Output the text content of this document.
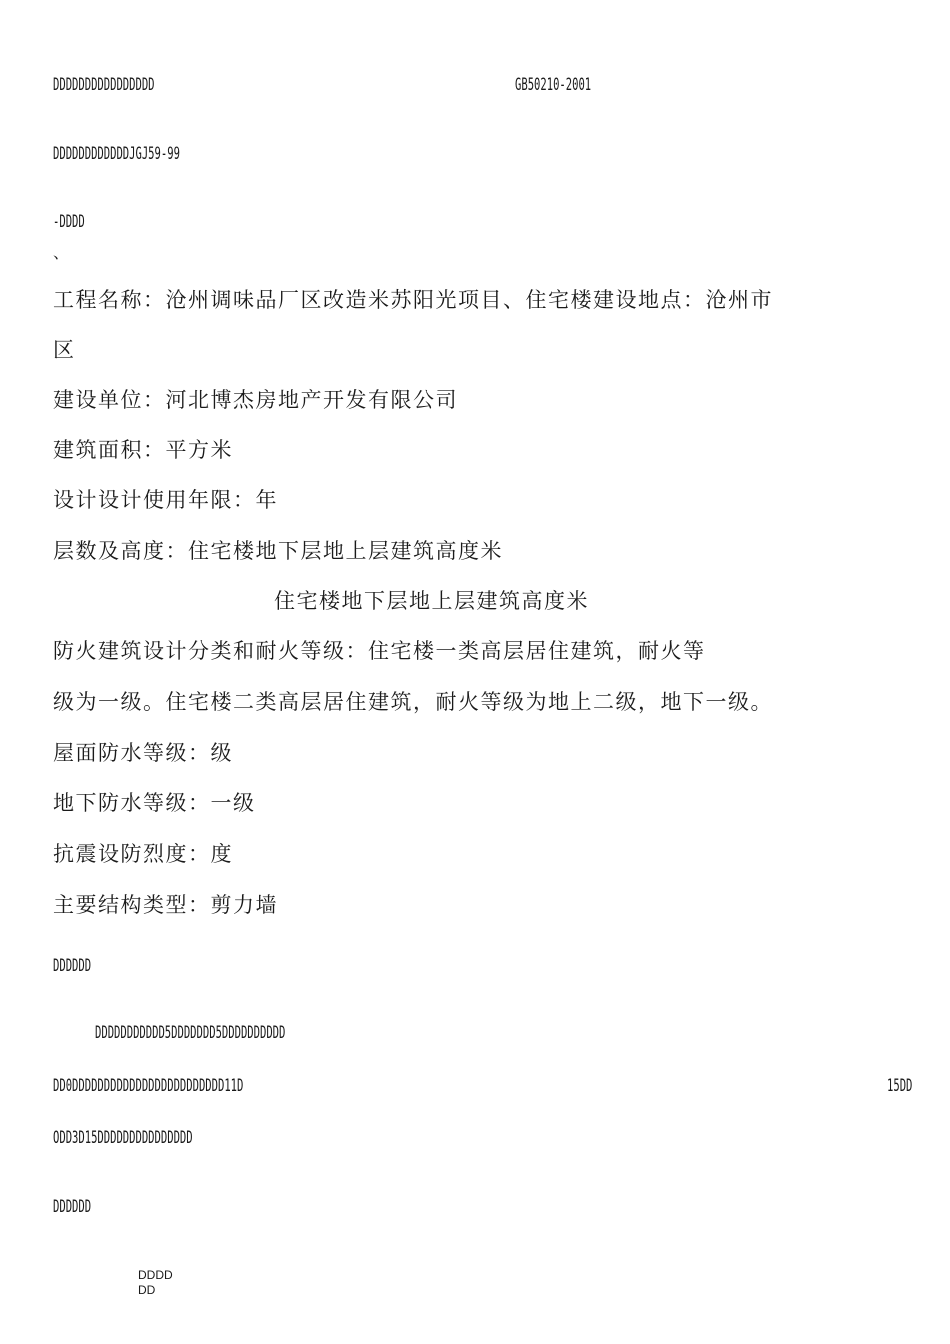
DDDDDDDDDDDDDDDD	GB50210-2001
DDDDDDDDDDDDJGJ59-99
-DDDD
、
工程名称：沧州调味品厂区改造米苏阳光项目、住宅楼建设地点：沧州市
区
建设单位：河北博杰房地产开发有限公司
建筑面积：平方米
设计设计使用年限：年
层数及高度：住宅楼地下层地上层建筑高度米
住宅楼地下层地上层建筑高度米
防火建筑设计分类和耐火等级：住宅楼一类高层居住建筑，耐火等
级为一级。住宅楼二类高层居住建筑，耐火等级为地上二级，地下一级。
屋面防水等级：级
地下防水等级：一级
抗震设防烈度：度
主要结构类型：剪力墙
DDDDDD
DDDDDDDDDDD5DDDDDDD5DDDDDDDDDD
DD0DDDDDDDDDDDDDDDDDDDDDDDD11D	15DD
ODD3D15DDDDDDDDDDDDDDD
DDDDDD
DDDD
DD
